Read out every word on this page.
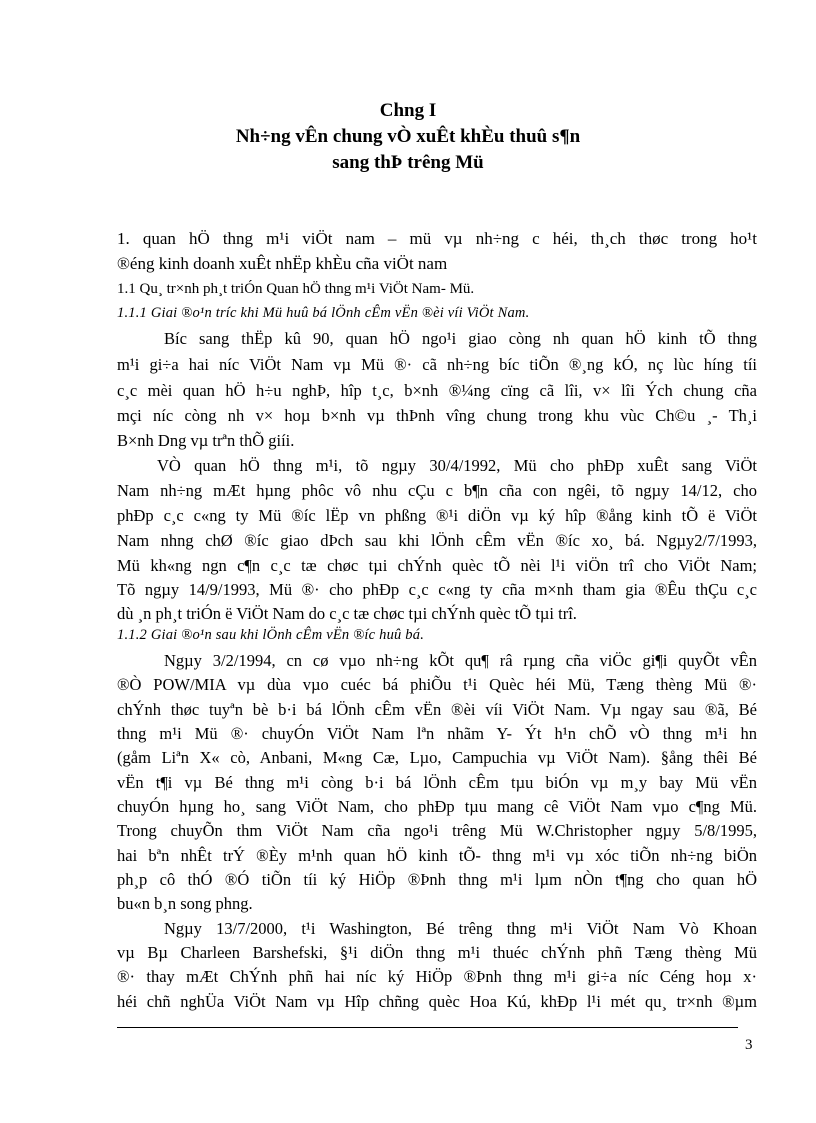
Chng I
Nh÷ng vÊn chung vÒ xuÊt khÈu thuû s¶n
sang thÞ trêng Mü
1. quan hÖ thng m¹i viÖt nam – mü vµ nh÷ng c héi, th¸ch thøc trong ho¹t
®éng kinh doanh xuÊt nhËp khÈu cña viÖt nam
1.1 Qu¸ tr×nh ph¸t triÓn Quan hÖ thng m¹i ViÖt Nam- Mü.
1.1.1 Giai ®o¹n tríc khi Mü huû bá lÖnh cÊm vËn ®èi víi ViÖt Nam.
Bíc sang thËp kû 90, quan hÖ ngo¹i giao còng nh quan hÖ kinh tÕ thng
m¹i gi÷a hai níc ViÖt Nam vµ Mü ®· cã nh÷ng bíc tiÕn ®¸ng kÓ, nç lùc híng tíi
c¸c mèi quan hÖ h÷u nghÞ, hîp t¸c, b×nh ®¼ng cïng cã lîi, v× lîi Ých chung cña
mçi níc còng nh v× hoµ b×nh vµ thÞnh vîng chung trong khu vùc Ch©u ¸- Th¸i
B×nh Dng vµ trªn thÕ giíi.
VÒ quan hÖ thng m¹i, tõ ngµy 30/4/1992, Mü cho phÐp xuÊt sang ViÖt
Nam nh÷ng mÆt hµng phôc vô nhu cÇu c b¶n cña con ngêi, tõ ngµy 14/12, cho
phÐp c¸c c«ng ty Mü ®íc lËp vn phßng ®¹i diÖn vµ ký hîp ®ång kinh tÕ ë ViÖt
Nam nhng chØ ®íc giao dÞch sau khi lÖnh cÊm vËn ®íc xo¸ bá. Ngµy2/7/1993,
Mü kh«ng ngn c¶n c¸c tæ chøc tµi chÝnh quèc tÕ nèi l¹i viÖn trî cho ViÖt Nam;
Tõ ngµy 14/9/1993, Mü ®· cho phÐp c¸c c«ng ty cña m×nh tham gia ®Êu thÇu c¸c
dù ¸n ph¸t triÓn ë ViÖt Nam do c¸c tæ chøc tµi chÝnh quèc tÕ tµi trî.
1.1.2 Giai ®o¹n sau khi lÖnh cÊm vËn ®íc huû bá.
Ngµy 3/2/1994, cn cø vµo nh÷ng kÕt qu¶ râ rµng cña viÖc gi¶i quyÕt vÊn
®Ò POW/MIA vµ dùa vµo cuéc bá phiÕu t¹i Quèc héi Mü, Tæng thèng Mü ®·
chÝnh thøc tuyªn bè b·i bá lÖnh cÊm vËn ®èi víi ViÖt Nam. Vµ ngay sau ®ã, Bé
thng m¹i Mü ®· chuyÓn ViÖt Nam lªn nhãm Y- Ýt h¹n chÕ vÒ thng m¹i hn
(gåm Liªn X« cò, Anbani, M«ng Cæ, Lµo, Campuchia vµ ViÖt Nam). §ång thêi Bé
vËn t¶i vµ Bé thng m¹i còng b·i bá lÖnh cÊm tµu biÓn vµ m¸y bay Mü vËn
chuyÓn hµng ho¸ sang ViÖt Nam, cho phÐp tµu mang cê ViÖt Nam vµo c¶ng Mü.
Trong chuyÕn thm ViÖt Nam cña ngo¹i trêng Mü W.Christopher ngµy 5/8/1995,
hai bªn nhÊt trÝ ®Èy m¹nh quan hÖ kinh tÕ- thng m¹i vµ xóc tiÕn nh÷ng biÖn
ph¸p cô thÓ ®Ó tiÕn tíi ký HiÖp ®Þnh thng m¹i lµm nÒn t¶ng cho quan hÖ
bu«n b¸n song phng.
Ngµy 13/7/2000, t¹i Washington, Bé trêng thng m¹i ViÖt Nam Vò Khoan
vµ Bµ Charleen Barshefski, §¹i diÖn thng m¹i thuéc chÝnh phñ Tæng thèng Mü
®· thay mÆt ChÝnh phñ hai níc ký HiÖp ®Þnh thng m¹i gi÷a níc Céng hoµ x·
héi chñ nghÜa ViÖt Nam vµ Hîp chñng quèc Hoa Kú, khÐp l¹i mét qu¸ tr×nh ®µm
3
